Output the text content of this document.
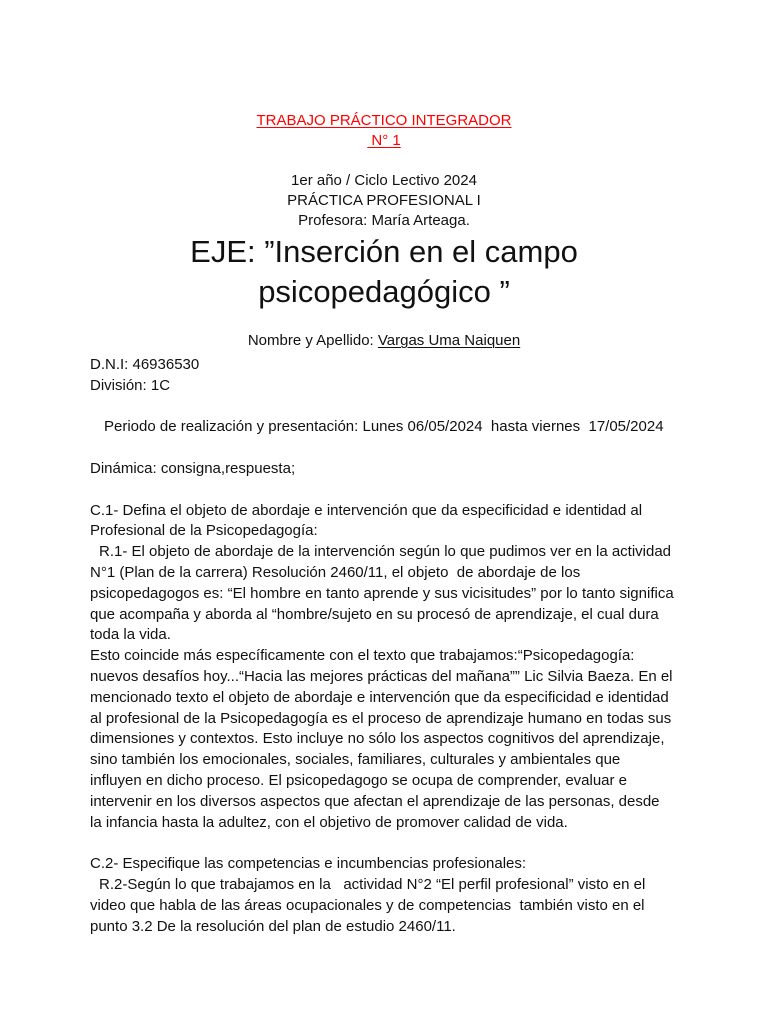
TRABAJO PRÁCTICO INTEGRADOR
N° 1
1er año / Ciclo Lectivo 2024
PRÁCTICA PROFESIONAL I
Profesora: María Arteaga.
EJE: ”Inserción en el campo
psicopedagógico ”
Nombre y Apellido: Vargas Uma Naiquen
D.N.I: 46936530
División: 1C
Periodo de realización y presentación: Lunes 06/05/2024  hasta viernes  17/05/2024
Dinámica: consigna,respuesta;
C.1- Defina el objeto de abordaje e intervención que da especificidad e identidad al
Profesional de la Psicopedagogía:
R.1- El objeto de abordaje de la intervención según lo que pudimos ver en la actividad
N°1 (Plan de la carrera) Resolución 2460/11, el objeto  de abordaje de los
psicopedagogos es: “El hombre en tanto aprende y sus vicisitudes” por lo tanto significa
que acompaña y aborda al “hombre/sujeto en su procesó de aprendizaje, el cual dura
toda la vida.
Esto coincide más específicamente con el texto que trabajamos:“Psicopedagogía:
nuevos desafíos hoy...“Hacia las mejores prácticas del mañana”” Lic Silvia Baeza. En el
mencionado texto el objeto de abordaje e intervención que da especificidad e identidad
al profesional de la Psicopedagogía es el proceso de aprendizaje humano en todas sus
dimensiones y contextos. Esto incluye no sólo los aspectos cognitivos del aprendizaje,
sino también los emocionales, sociales, familiares, culturales y ambientales que
influyen en dicho proceso. El psicopedagogo se ocupa de comprender, evaluar e
intervenir en los diversos aspectos que afectan el aprendizaje de las personas, desde
la infancia hasta la adultez, con el objetivo de promover calidad de vida.
C.2- Especifique las competencias e incumbencias profesionales:
R.2-Según lo que trabajamos en la   actividad N°2 “El perfil profesional” visto en el
video que habla de las áreas ocupacionales y de competencias  también visto en el
punto 3.2 De la resolución del plan de estudio 2460/11.
